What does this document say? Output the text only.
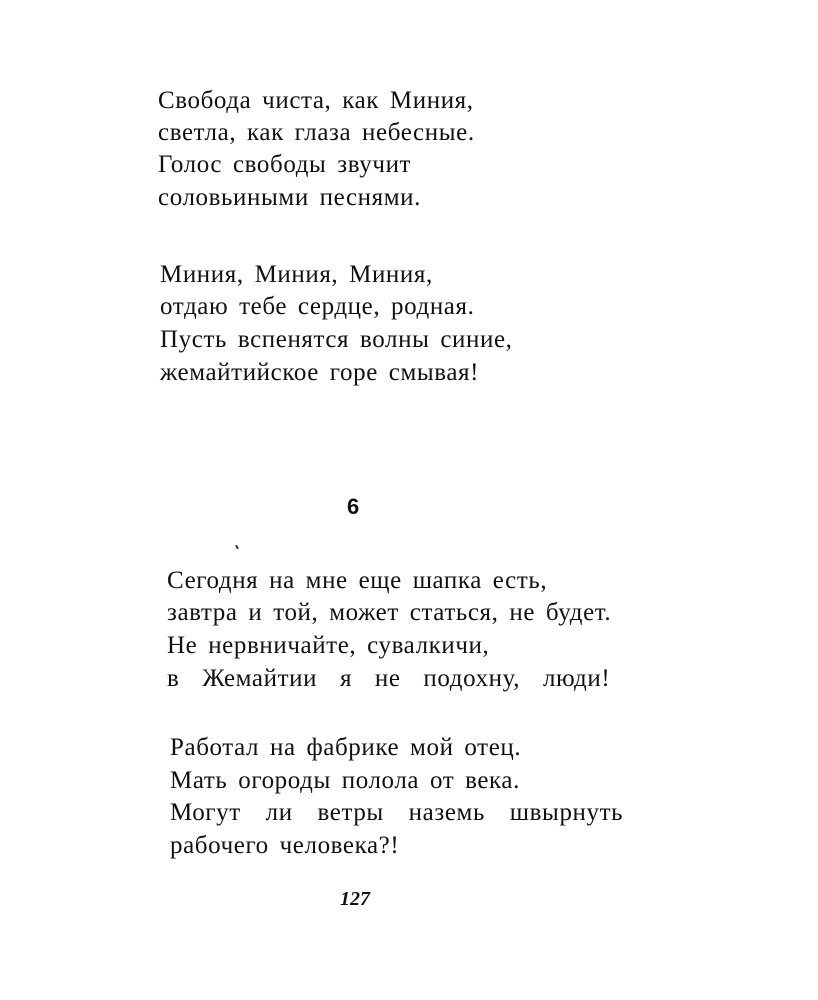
Свобода чиста, как Миния,
светла, как глаза небесные.
Голос свободы звучит
соловьиными песнями.
Миния, Миния, Миния,
отдаю тебе сердце, родная.
Пусть вспенятся волны синие,
жемайтийское горе смывая!
6
Сегодня на мне еще шапка есть,
завтра и той, может статься, не будет.
Не нервничайте, сувалкичи,
в Жемайтии я не подохну, люди!
Работал на фабрике мой отец.
Мать огороды полола от века.
Могут ли ветры наземь швырнуть
рабочего человека?!
127
